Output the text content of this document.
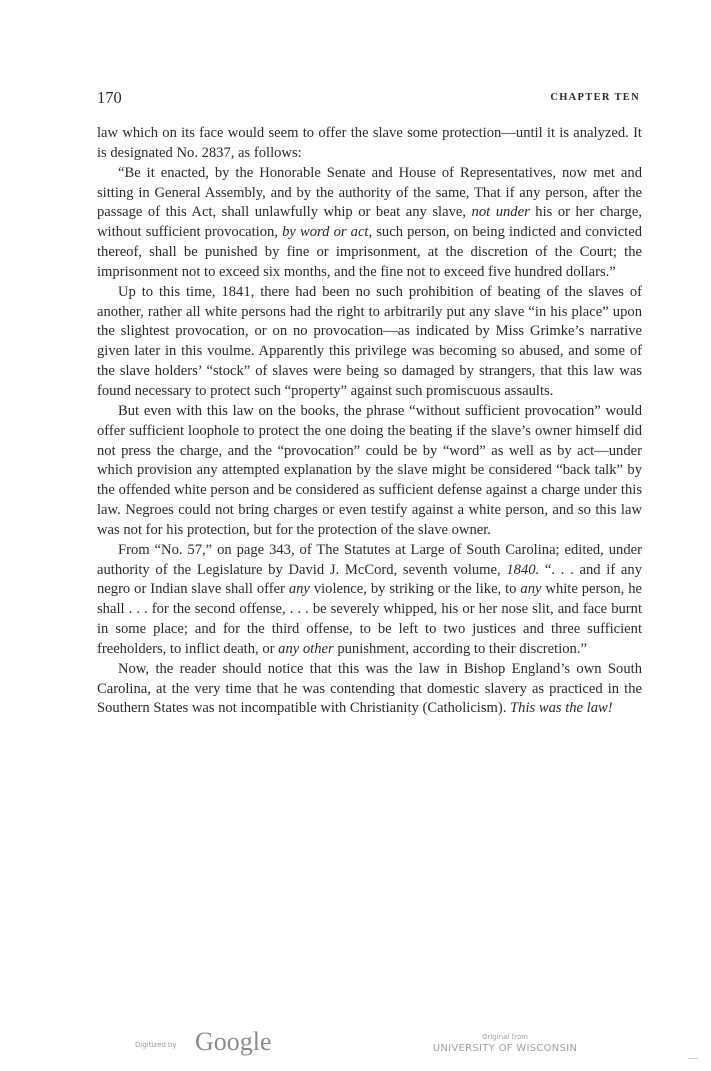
170	CHAPTER TEN

law which on its face would seem to offer the slave some protection—until it is analyzed. It is designated No. 2837, as follows:

“Be it enacted, by the Honorable Senate and House of Representatives, now met and sitting in General Assembly, and by the authority of the same, That if any person, after the passage of this Act, shall unlawfully whip or beat any slave, not under his or her charge, without sufficient provocation, by word or act, such person, on being indicted and convicted thereof, shall be punished by fine or imprisonment, at the discretion of the Court; the imprisonment not to exceed six months, and the fine not to exceed five hundred dollars.”

Up to this time, 1841, there had been no such prohibition of beating of the slaves of another, rather all white persons had the right to arbitrarily put any slave “in his place” upon the slightest provocation, or on no provocation—as indicated by Miss Grimke’s narrative given later in this voulme. Apparently this privilege was becoming so abused, and some of the slave holders’ “stock” of slaves were being so damaged by strangers, that this law was found necessary to protect such “property” against such promiscuous assaults.

But even with this law on the books, the phrase “without sufficient provocation” would offer sufficient loophole to protect the one doing the beating if the slave’s owner himself did not press the charge, and the “provocation” could be by “word” as well as by act—under which provision any attempted explanation by the slave might be considered “back talk” by the offended white person and be considered as sufficient defense against a charge under this law. Negroes could not bring charges or even testify against a white person, and so this law was not for his protection, but for the protection of the slave owner.

From “No. 57,” on page 343, of The Statutes at Large of South Carolina; edited, under authority of the Legislature by David J. McCord, seventh volume, 1840. “. . . and if any negro or Indian slave shall offer any violence, by striking or the like, to any white person, he shall . . . for the second offense, . . . be severely whipped, his or her nose slit, and face burnt in some place; and for the third offense, to be left to two justices and three sufficient freeholders, to inflict death, or any other punishment, according to their discretion.”

Now, the reader should notice that this was the law in Bishop England’s own South Carolina, at the very time that he was contending that domestic slavery as practiced in the Southern States was not incompatible with Christianity (Catholicism). This was the law!

Digitized by Google	Original from
UNIVERSITY OF WISCONSIN
